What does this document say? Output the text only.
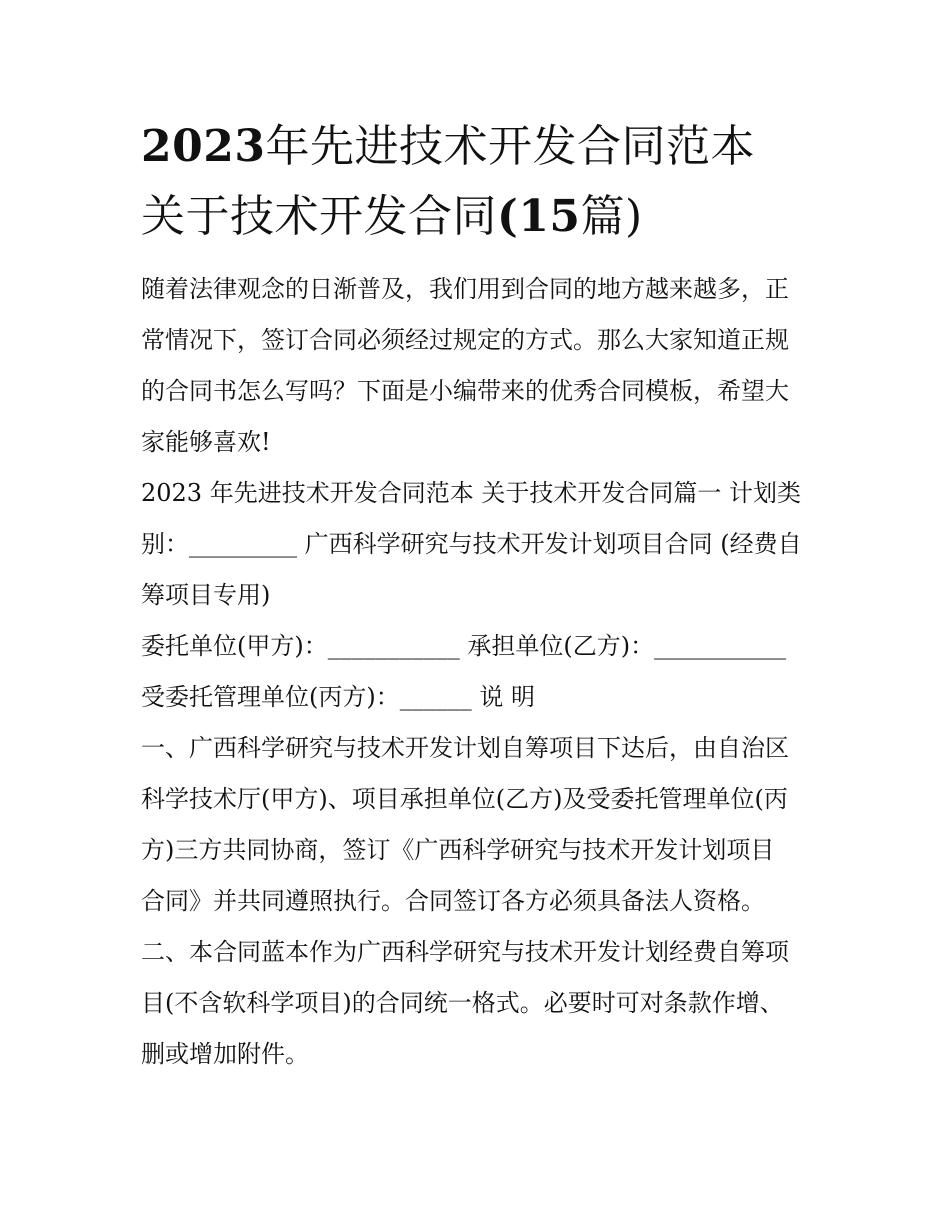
2023年先进技术开发合同范本
关于技术开发合同(15篇)

随着法律观念的日渐普及，我们用到合同的地方越来越多，正
常情况下，签订合同必须经过规定的方式。那么大家知道正规
的合同书怎么写吗？下面是小编带来的优秀合同模板，希望大
家能够喜欢!

2023 年先进技术开发合同范本 关于技术开发合同篇一 计划类
别：_________ 广西科学研究与技术开发计划项目合同 (经费自
筹项目专用)

委托单位(甲方)：___________ 承担单位(乙方)：___________

受委托管理单位(丙方)：______ 说 明

一、广西科学研究与技术开发计划自筹项目下达后，由自治区
科学技术厅(甲方)、项目承担单位(乙方)及受委托管理单位(丙
方)三方共同协商，签订《广西科学研究与技术开发计划项目
合同》并共同遵照执行。合同签订各方必须具备法人资格。

二、本合同蓝本作为广西科学研究与技术开发计划经费自筹项
目(不含软科学项目)的合同统一格式。必要时可对条款作增、
删或增加附件。
